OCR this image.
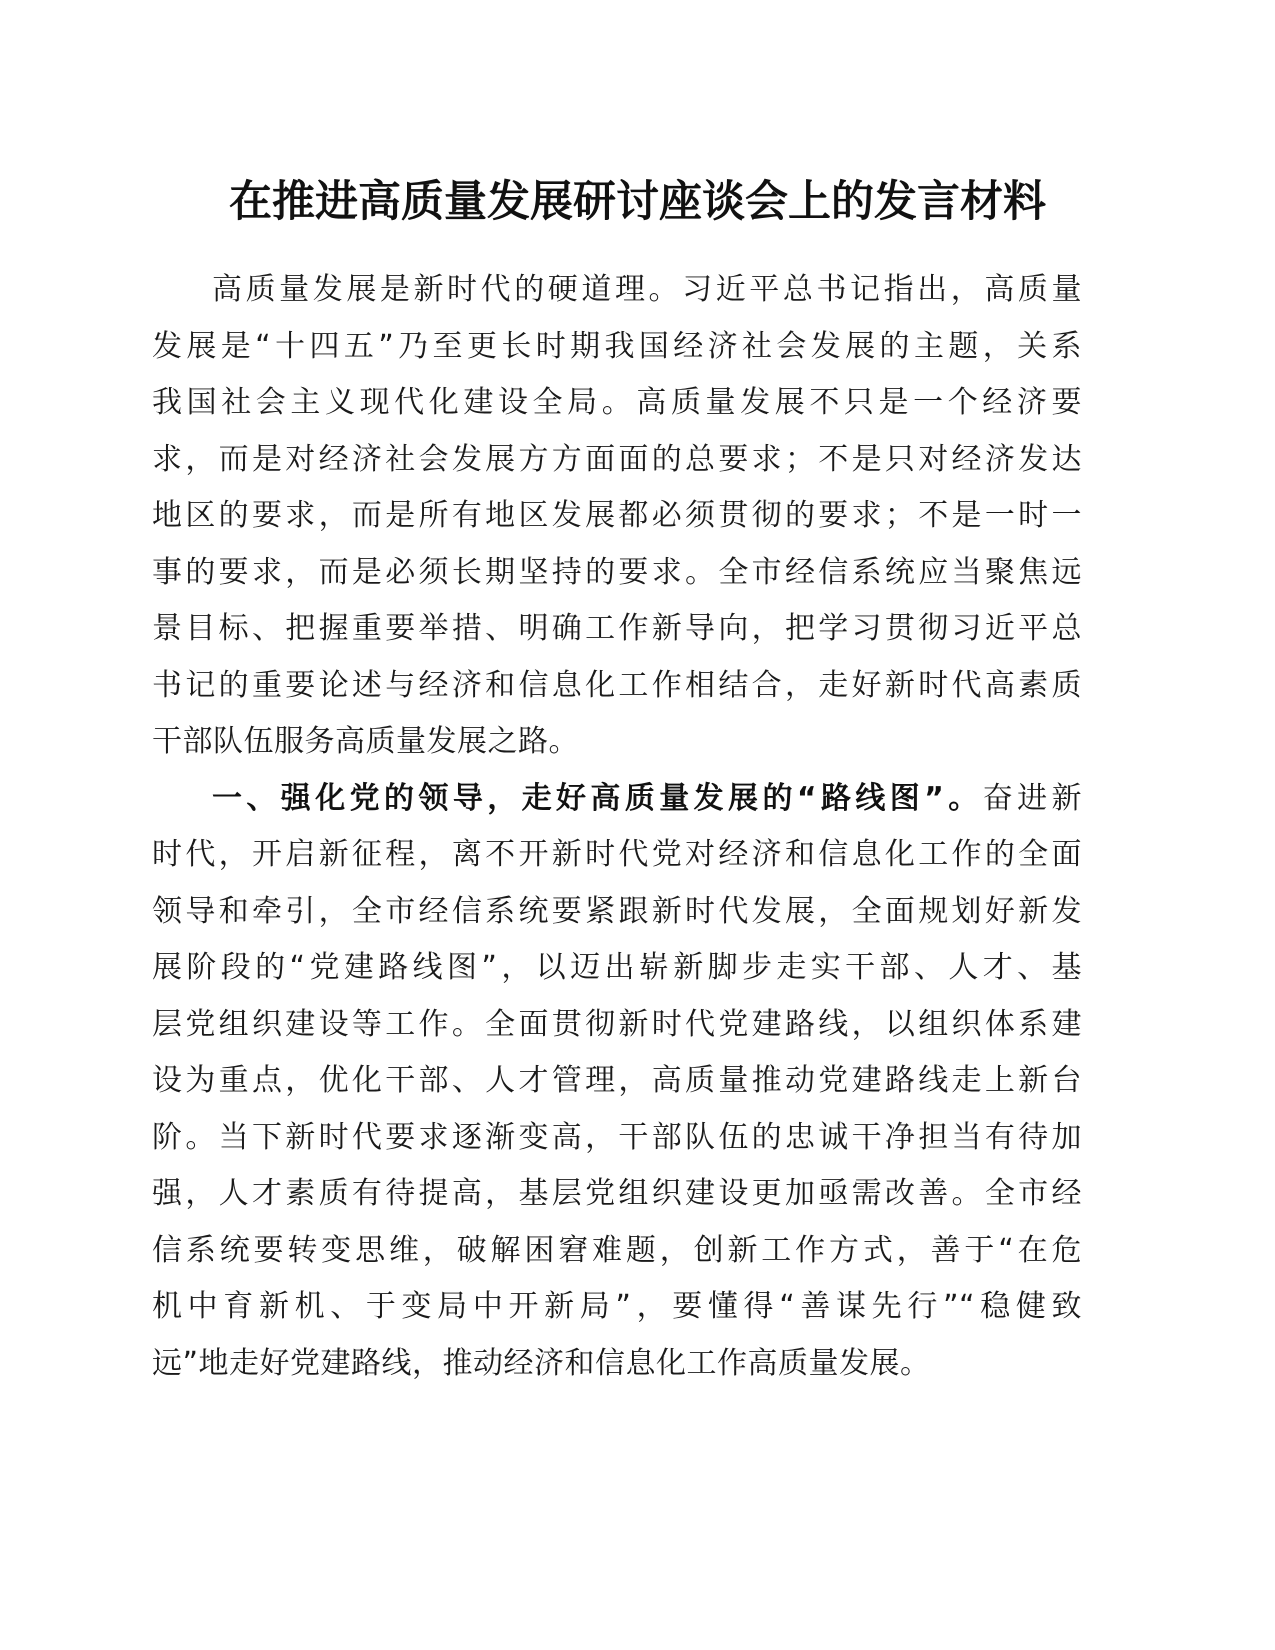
在推进高质量发展研讨座谈会上的发言材料
高质量发展是新时代的硬道理。习近平总书记指出，高质量
发展是“十四五”乃至更长时期我国经济社会发展的主题，关系
我国社会主义现代化建设全局。高质量发展不只是一个经济要
求，而是对经济社会发展方方面面的总要求；不是只对经济发达
地区的要求，而是所有地区发展都必须贯彻的要求；不是一时一
事的要求，而是必须长期坚持的要求。全市经信系统应当聚焦远
景目标、把握重要举措、明确工作新导向，把学习贯彻习近平总
书记的重要论述与经济和信息化工作相结合，走好新时代高素质
干部队伍服务高质量发展之路。
一、强化党的领导，走好高质量发展的“路线图”。奋进新
时代，开启新征程，离不开新时代党对经济和信息化工作的全面
领导和牵引，全市经信系统要紧跟新时代发展，全面规划好新发
展阶段的“党建路线图”，以迈出崭新脚步走实干部、人才、基
层党组织建设等工作。全面贯彻新时代党建路线，以组织体系建
设为重点，优化干部、人才管理，高质量推动党建路线走上新台
阶。当下新时代要求逐渐变高，干部队伍的忠诚干净担当有待加
强，人才素质有待提高，基层党组织建设更加亟需改善。全市经
信系统要转变思维，破解困窘难题，创新工作方式，善于“在危
机中育新机、于变局中开新局”，要懂得“善谋先行”“稳健致
远”地走好党建路线，推动经济和信息化工作高质量发展。
